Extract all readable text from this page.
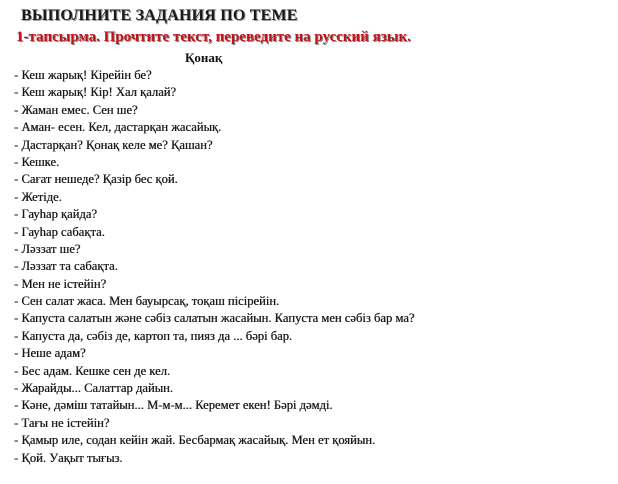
ВЫПОЛНИТЕ ЗАДАНИЯ ПО ТЕМЕ
1-тапсырма. Прочтите текст, переведите на русский язык.
Қонақ
- Кеш жарық! Кірейін бе?
- Кеш жарық! Кір! Хал қалай?
- Жаман емес. Сен ше?
- Аман- есен. Кел, дастарқан жасайық.
- Дастарқан? Қонақ келе ме? Қашан?
- Кешке.
- Сағат нешеде? Қазір бес қой.
- Жетіде.
- Гауһар қайда?
- Гауһар сабақта.
- Ләззат ше?
- Ләззат та сабақта.
- Мен не істейін?
- Сен салат жаса. Мен бауырсақ, тоқаш пісірейін.
- Капуста салатын және сәбіз салатын жасайын. Капуста мен сәбіз бар ма?
- Капуста да, сәбіз де, картоп та, пияз да ... бәрі бар.
- Неше адам?
- Бес адам. Кешке сен де кел.
- Жарайды... Салаттар дайын.
- Кәне, дәміш татайын... М-м-м... Керемет екен! Бәрі дәмді.
- Тағы не істейін?
- Қамыр иле, содан кейін жай. Бесбармақ жасайық. Мен ет қояйын.
- Қой. Уақыт тығыз.
